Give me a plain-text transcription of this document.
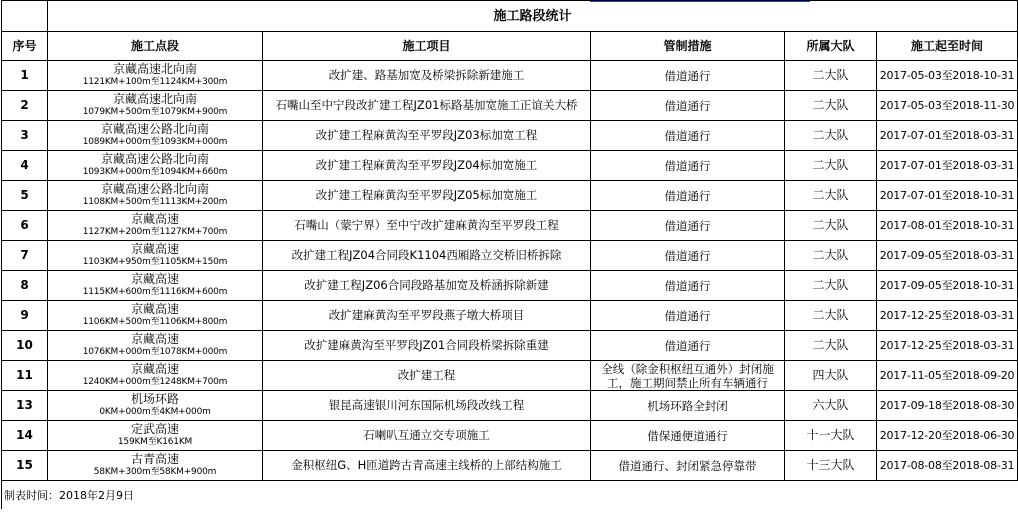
	施工路段统计				
序号	施工点段	施工项目	管制措施	所属大队	施工起至时间
1	京藏高速北向南
1121KM+100m至1124KM+300m	改扩建、路基加宽及桥梁拆除新建施工	借道通行	二大队	2017-05-03至2018-10-31
2	京藏高速北向南
1079KM+500m至1079KM+900m	石嘴山至中宁段改扩建工程JZ01标路基加宽施工正谊关大桥	借道通行	二大队	2017-05-03至2018-11-30
3	京藏高速公路北向南
1089KM+000m至1093KM+000m	改扩建工程麻黄沟至平罗段JZ03标加宽工程	借道通行	二大队	2017-07-01至2018-03-31
4	京藏高速公路北向南
1093KM+000m至1094KM+660m	改扩建工程麻黄沟至平罗段JZ04标加宽施工	借道通行	二大队	2017-07-01至2018-03-31
5	京藏高速公路北向南
1108KM+500m至1113KM+200m	改扩建工程麻黄沟至平罗段JZ05标加宽施工	借道通行	二大队	2017-07-01至2018-10-31
6	京藏高速
1127KM+200m至1127KM+700m	石嘴山（蒙宁界）至中宁改扩建麻黄沟至平罗段工程	借道通行	二大队	2017-08-01至2018-10-31
7	京藏高速
1103KM+950m至1105KM+150m	改扩建工程JZ04合同段K1104西厢路立交桥旧桥拆除	借道通行	二大队	2017-09-05至2018-03-31
8	京藏高速
1115KM+600m至1116KM+600m	改扩建工程JZ06合同段路基加宽及桥涵拆除新建	借道通行	二大队	2017-09-05至2018-10-31
9	京藏高速
1106KM+500m至1106KM+800m	改扩建麻黄沟至平罗段燕子墩大桥项目	借道通行	二大队	2017-12-25至2018-03-31
10	京藏高速
1076KM+000m至1078KM+000m	改扩建麻黄沟至平罗段JZ01合同段桥梁拆除重建	借道通行	二大队	2017-12-25至2018-03-31
11	京藏高速
1240KM+000m至1248KM+700m	改扩建工程	全线（除金积枢纽互通外）封闭施工，施工期间禁止所有车辆通行	四大队	2017-11-05至2018-09-20
13	机场环路
0KM+000m至4KM+000m	银昆高速银川河东国际机场段改线工程	机场环路全封闭	六大队	2017-09-18至2018-08-30
14	定武高速
159KM至K161KM	石喇叭互通立交专项施工	借保通便道通行	十一大队	2017-12-20至2018-06-30
15	古青高速
58KM+300m至58KM+900m	金积枢纽G、H匝道跨古青高速主线桥的上部结构施工	借道通行、封闭紧急停靠带	十三大队	2017-08-08至2018-08-31
制表时间：2018年2月9日					
